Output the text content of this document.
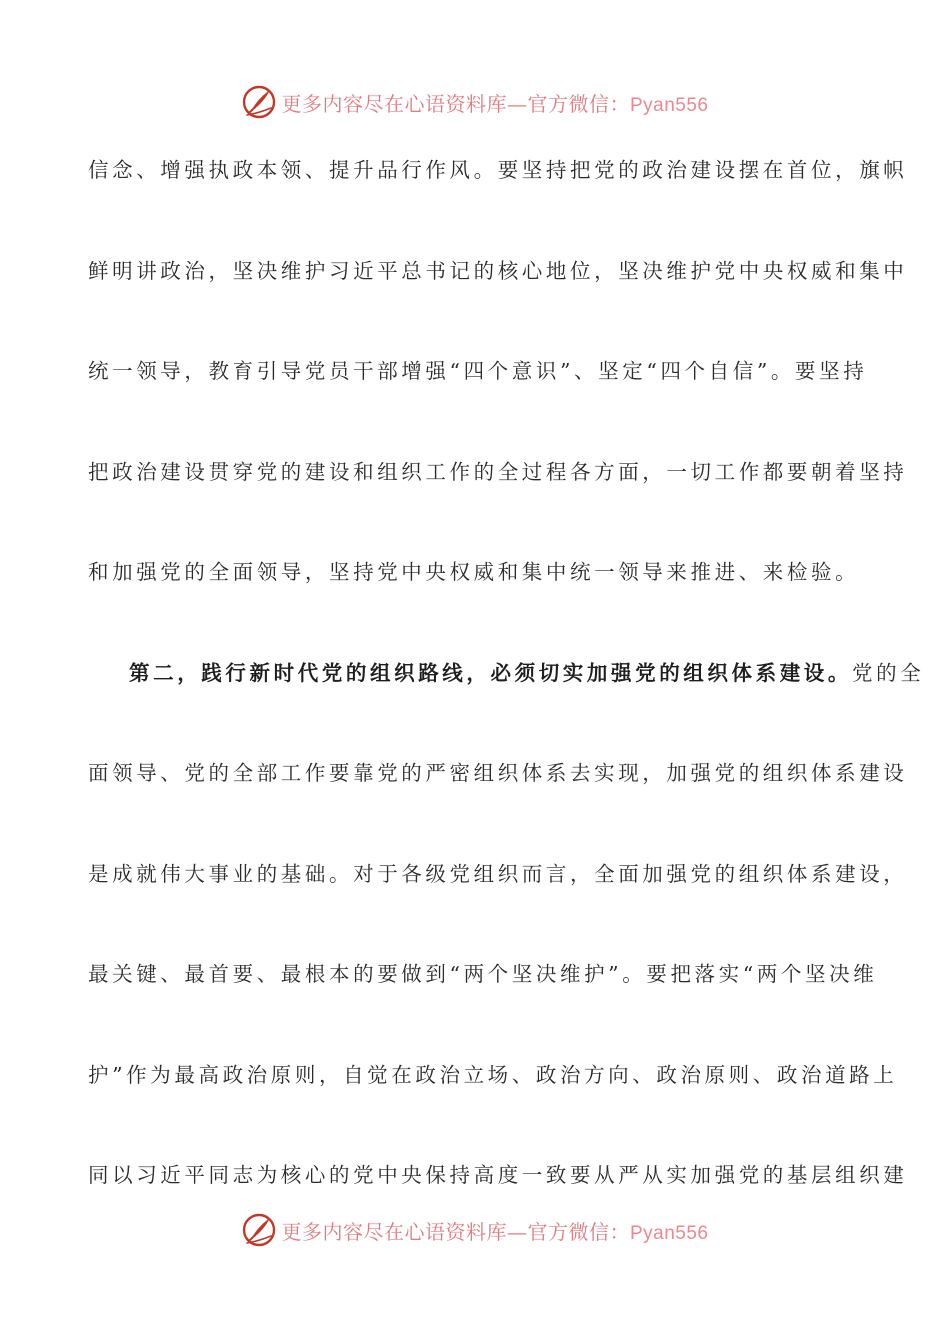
更多内容尽在心语资料库—官方微信：Pyan556
信念、增强执政本领、提升品行作风。要坚持把党的政治建设摆在首位，旗帜
鲜明讲政治，坚决维护习近平总书记的核心地位，坚决维护党中央权威和集中
统一领导，教育引导党员干部增强“四个意识”、坚定“四个自信”。要坚持
把政治建设贯穿党的建设和组织工作的全过程各方面，一切工作都要朝着坚持
和加强党的全面领导，坚持党中央权威和集中统一领导来推进、来检验。
第二，践行新时代党的组织路线，必须切实加强党的组织体系建设。党的全
面领导、党的全部工作要靠党的严密组织体系去实现，加强党的组织体系建设
是成就伟大事业的基础。对于各级党组织而言，全面加强党的组织体系建设，
最关键、最首要、最根本的要做到“两个坚决维护”。要把落实“两个坚决维
护”作为最高政治原则，自觉在政治立场、政治方向、政治原则、政治道路上
同以习近平同志为核心的党中央保持高度一致要从严从实加强党的基层组织建
更多内容尽在心语资料库—官方微信：Pyan556
